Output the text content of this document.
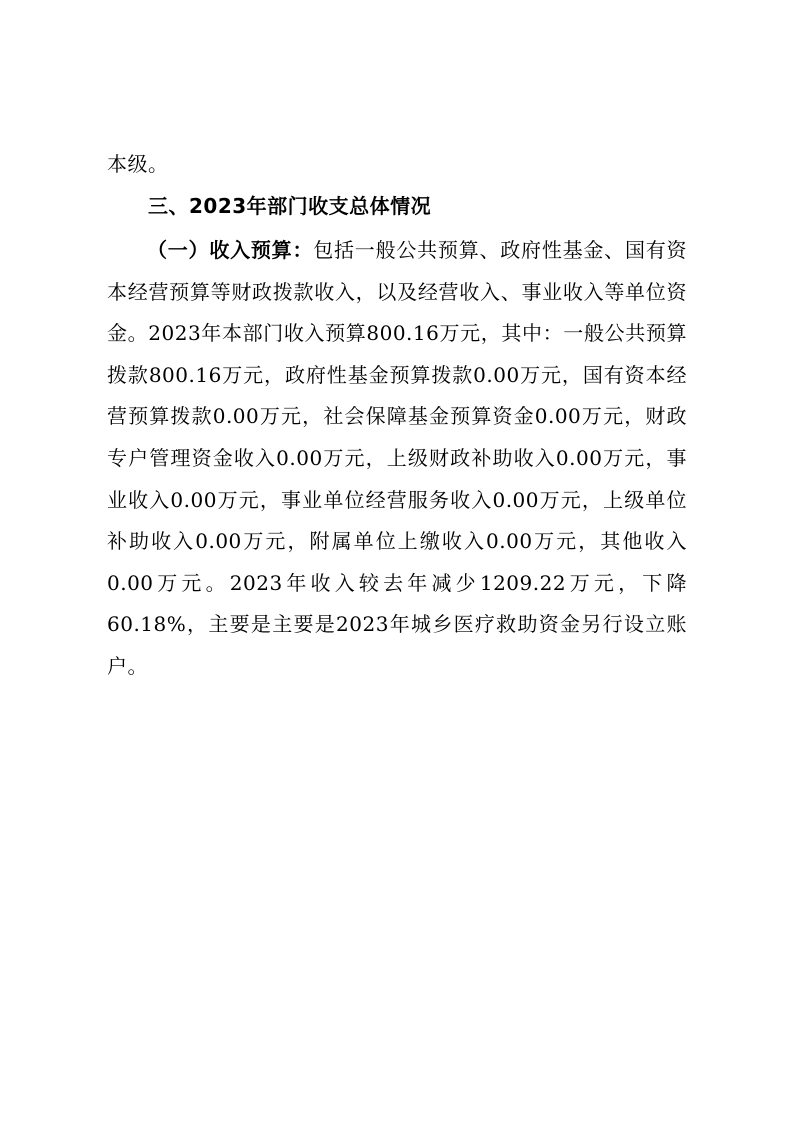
本级。
三、2023年部门收支总体情况
（一）收入预算：包括一般公共预算、政府性基金、国有资本经营预算等财政拨款收入，以及经营收入、事业收入等单位资金。2023年本部门收入预算800.16万元，其中：一般公共预算拨款800.16万元，政府性基金预算拨款0.00万元，国有资本经营预算拨款0.00万元，社会保障基金预算资金0.00万元，财政专户管理资金收入0.00万元，上级财政补助收入0.00万元，事业收入0.00万元，事业单位经营服务收入0.00万元，上级单位补助收入0.00万元，附属单位上缴收入0.00万元，其他收入0.00万元。2023年收入较去年减少1209.22万元，下降60.18%，主要是主要是2023年城乡医疗救助资金另行设立账户。
